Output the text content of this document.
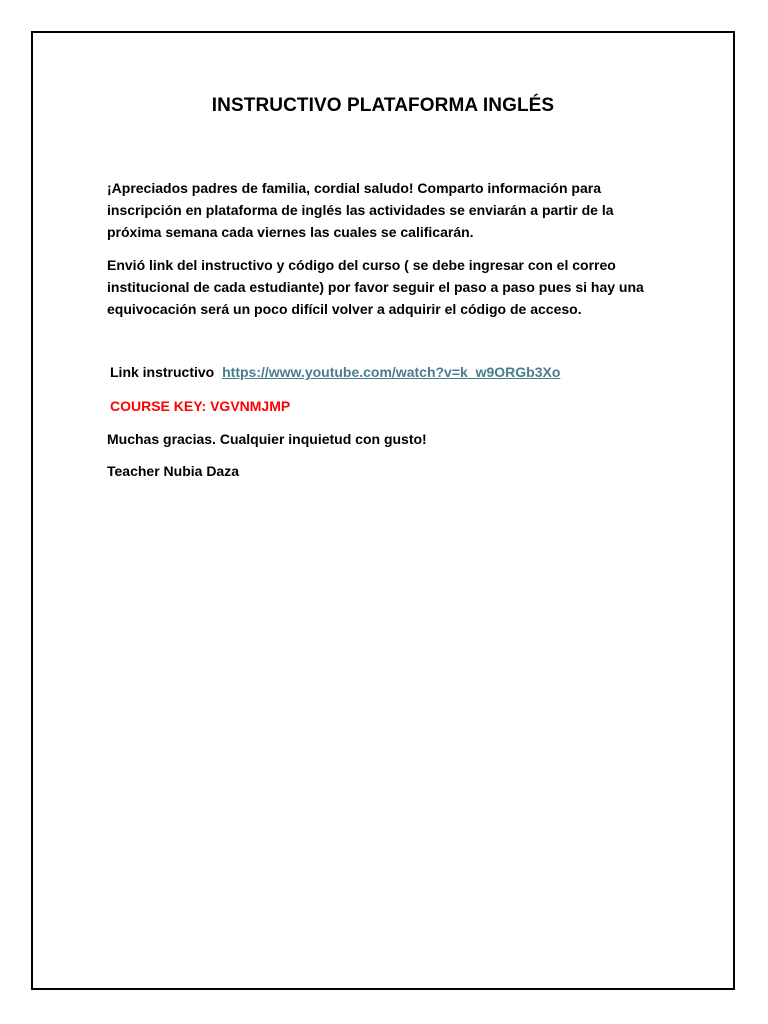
INSTRUCTIVO PLATAFORMA INGLÉS

¡Apreciados padres de familia, cordial saludo! Comparto información para inscripción en plataforma de inglés las actividades se enviarán a partir de la próxima semana cada viernes las cuales se calificarán.

Envió link del instructivo y código del curso ( se debe ingresar con el correo institucional de cada estudiante) por favor seguir el paso a paso pues si hay una equivocación será un poco difícil volver a adquirir el código de acceso.

Link instructivo https://www.youtube.com/watch?v=k_w9ORGb3Xo

COURSE KEY: VGVNMJMP

Muchas gracias. Cualquier inquietud con gusto!

Teacher Nubia Daza
